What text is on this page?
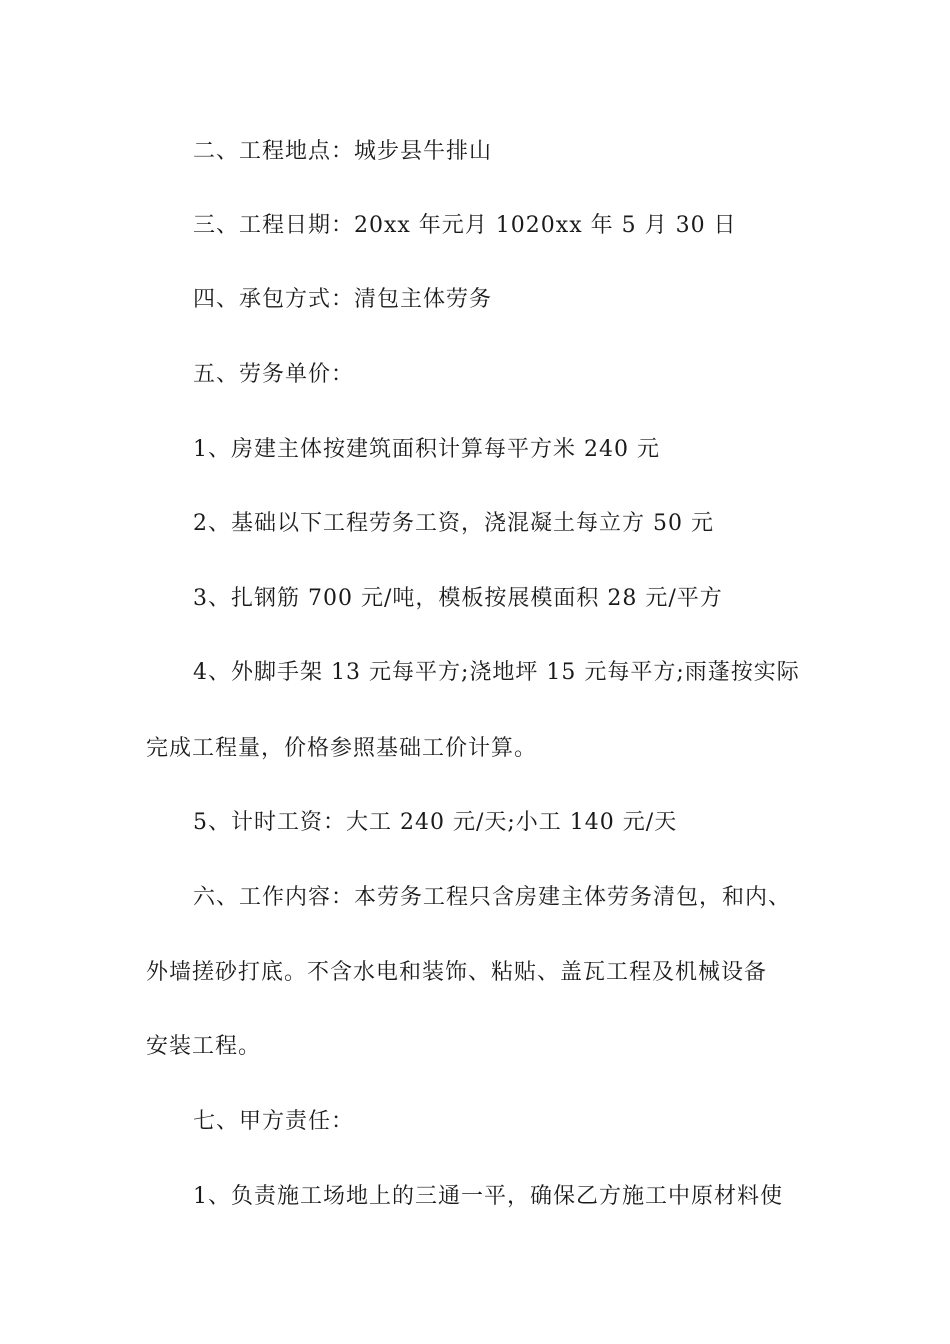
二、工程地点：城步县牛排山
三、工程日期：20xx 年元月 1020xx 年 5 月 30 日
四、承包方式：清包主体劳务
五、劳务单价：
1、房建主体按建筑面积计算每平方米 240 元
2、基础以下工程劳务工资，浇混凝土每立方 50 元
3、扎钢筋 700 元/吨，模板按展模面积 28 元/平方
4、外脚手架 13 元每平方;浇地坪 15 元每平方;雨蓬按实际
完成工程量，价格参照基础工价计算。
5、计时工资：大工 240 元/天;小工 140 元/天
六、工作内容：本劳务工程只含房建主体劳务清包，和内、
外墙搓砂打底。不含水电和装饰、粘贴、盖瓦工程及机械设备
安装工程。
七、甲方责任：
1、负责施工场地上的三通一平，确保乙方施工中原材料使
